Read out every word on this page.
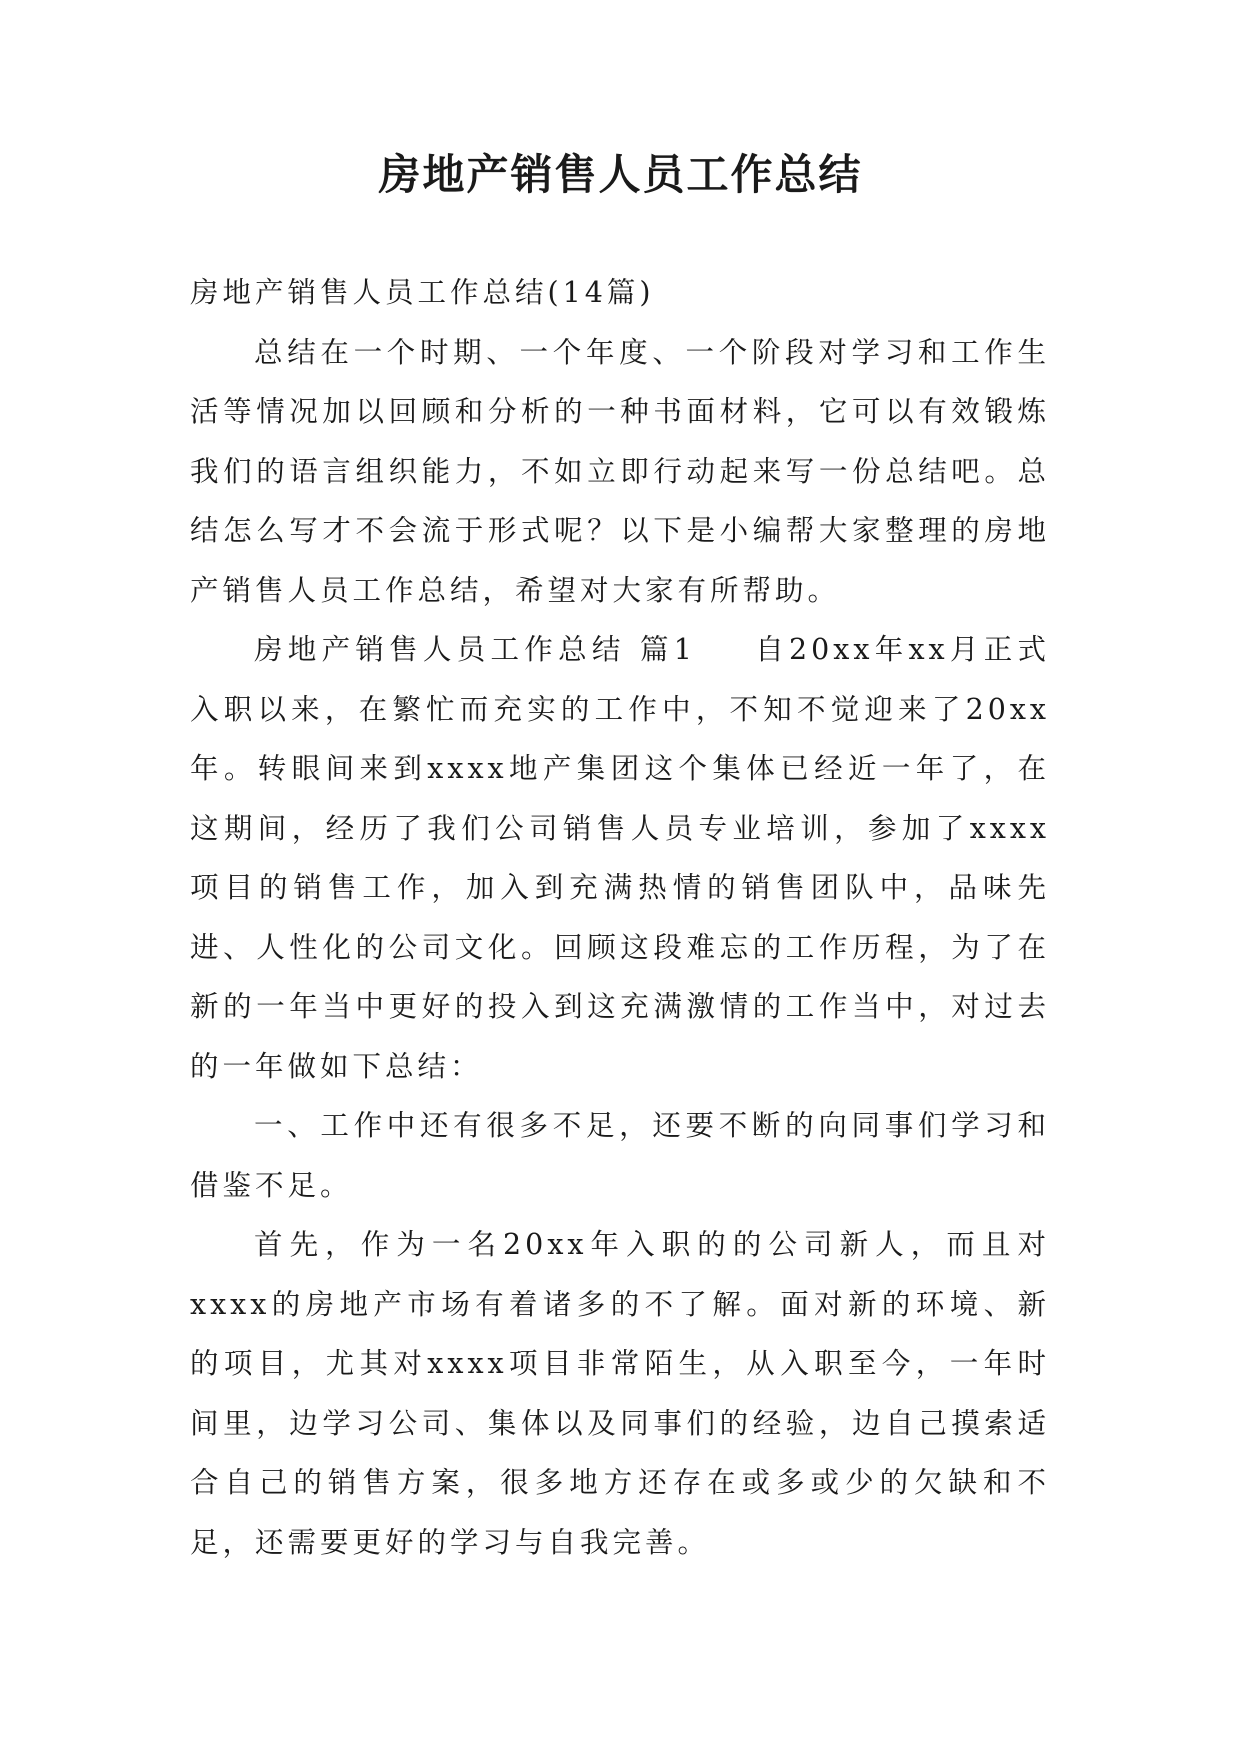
房地产销售人员工作总结

房地产销售人员工作总结(14篇)

总结在一个时期、一个年度、一个阶段对学习和工作生活等情况加以回顾和分析的一种书面材料，它可以有效锻炼我们的语言组织能力，不如立即行动起来写一份总结吧。总结怎么写才不会流于形式呢？以下是小编帮大家整理的房地产销售人员工作总结，希望对大家有所帮助。

房地产销售人员工作总结 篇1 自20xx年xx月正式入职以来，在繁忙而充实的工作中，不知不觉迎来了20xx年。转眼间来到xxxx地产集团这个集体已经近一年了，在这期间，经历了我们公司销售人员专业培训，参加了xxxx项目的销售工作，加入到充满热情的销售团队中，品味先进、人性化的公司文化。回顾这段难忘的工作历程，为了在新的一年当中更好的投入到这充满激情的工作当中，对过去的一年做如下总结：

一、工作中还有很多不足，还要不断的向同事们学习和借鉴不足。

首先，作为一名20xx年入职的的公司新人，而且对xxxx的房地产市场有着诸多的不了解。面对新的环境、新的项目，尤其对xxxx项目非常陌生，从入职至今，一年时间里，边学习公司、集体以及同事们的经验，边自己摸索适合自己的销售方案，很多地方还存在或多或少的欠缺和不足，还需要更好的学习与自我完善。
